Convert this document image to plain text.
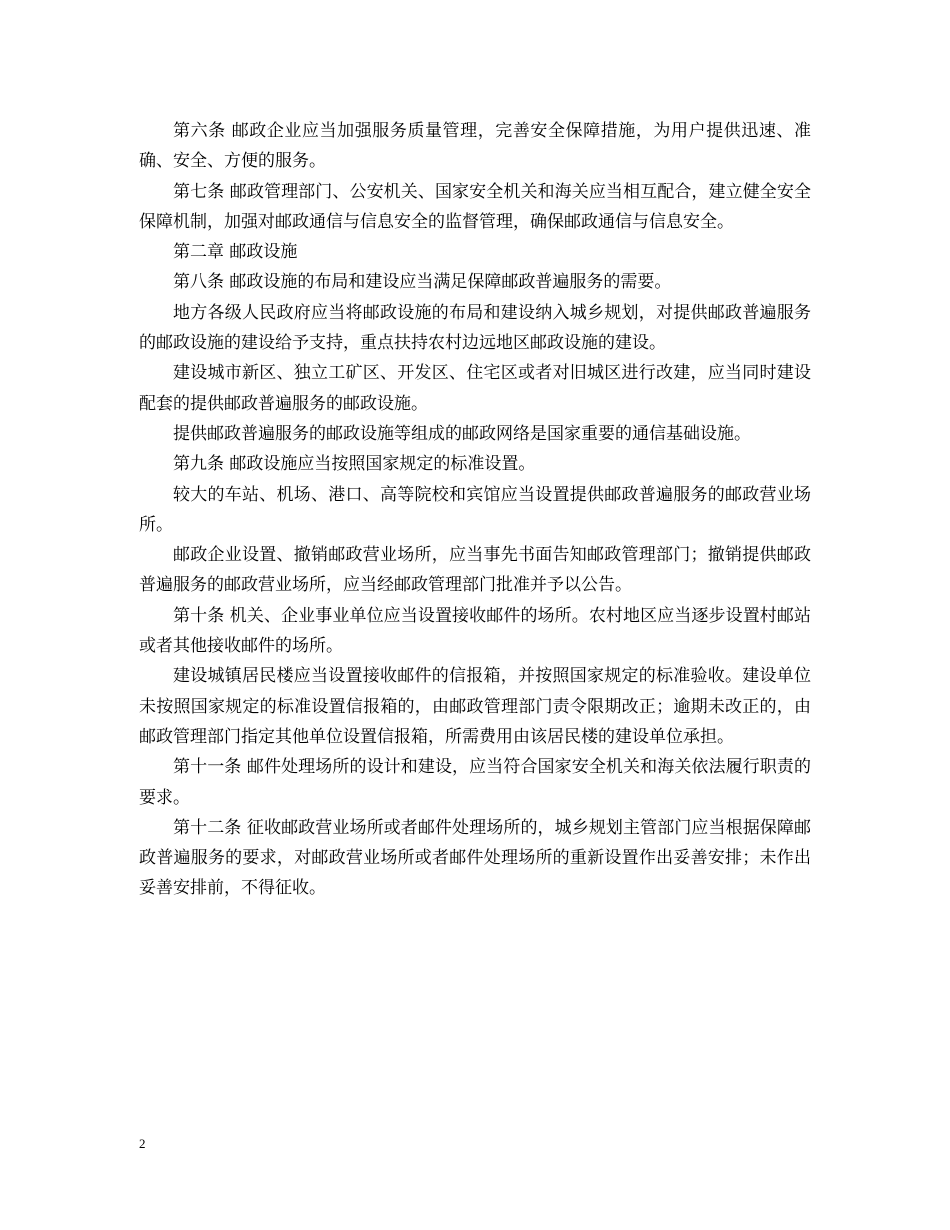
第六条 邮政企业应当加强服务质量管理，完善安全保障措施，为用户提供迅速、准确、安全、方便的服务。

第七条 邮政管理部门、公安机关、国家安全机关和海关应当相互配合，建立健全安全保障机制，加强对邮政通信与信息安全的监督管理，确保邮政通信与信息安全。

第二章 邮政设施

第八条 邮政设施的布局和建设应当满足保障邮政普遍服务的需要。

地方各级人民政府应当将邮政设施的布局和建设纳入城乡规划，对提供邮政普遍服务的邮政设施的建设给予支持，重点扶持农村边远地区邮政设施的建设。

建设城市新区、独立工矿区、开发区、住宅区或者对旧城区进行改建，应当同时建设配套的提供邮政普遍服务的邮政设施。

提供邮政普遍服务的邮政设施等组成的邮政网络是国家重要的通信基础设施。

第九条 邮政设施应当按照国家规定的标准设置。

较大的车站、机场、港口、高等院校和宾馆应当设置提供邮政普遍服务的邮政营业场所。

邮政企业设置、撤销邮政营业场所，应当事先书面告知邮政管理部门；撤销提供邮政普遍服务的邮政营业场所，应当经邮政管理部门批准并予以公告。

第十条 机关、企业事业单位应当设置接收邮件的场所。农村地区应当逐步设置村邮站或者其他接收邮件的场所。

建设城镇居民楼应当设置接收邮件的信报箱，并按照国家规定的标准验收。建设单位未按照国家规定的标准设置信报箱的，由邮政管理部门责令限期改正；逾期未改正的，由邮政管理部门指定其他单位设置信报箱，所需费用由该居民楼的建设单位承担。

第十一条 邮件处理场所的设计和建设，应当符合国家安全机关和海关依法履行职责的要求。

第十二条 征收邮政营业场所或者邮件处理场所的，城乡规划主管部门应当根据保障邮政普遍服务的要求，对邮政营业场所或者邮件处理场所的重新设置作出妥善安排；未作出妥善安排前，不得征收。

2
